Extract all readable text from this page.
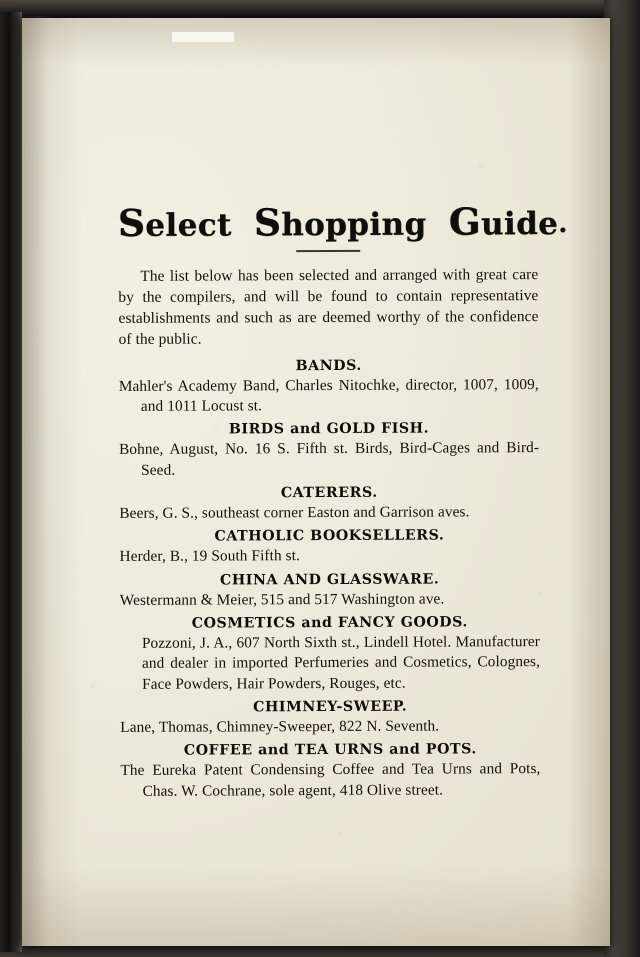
Select Shopping Guide.

The list below has been selected and arranged with great care by the compilers, and will be found to contain representative establishments and such as are deemed worthy of the confidence of the public.

BANDS.

Mahler's Academy Band, Charles Nitochke, director, 1007, 1009, and 1011 Locust st.

BIRDS and GOLD FISH.

Bohne, August, No. 16 S. Fifth st. Birds, Bird-Cages and Bird-Seed.

CATERERS.

Beers, G. S., southeast corner Easton and Garrison aves.

CATHOLIC BOOKSELLERS.

Herder, B., 19 South Fifth st.

CHINA AND GLASSWARE.

Westermann & Meier, 515 and 517 Washington ave.

COSMETICS and FANCY GOODS.

Pozzoni, J. A., 607 North Sixth st., Lindell Hotel. Manufacturer and dealer in imported Perfumeries and Cosmetics, Colognes, Face Powders, Hair Powders, Rouges, etc.

CHIMNEY-SWEEP.

Lane, Thomas, Chimney-Sweeper, 822 N. Seventh.

COFFEE and TEA URNS and POTS.

The Eureka Patent Condensing Coffee and Tea Urns and Pots, Chas. W. Cochrane, sole agent, 418 Olive street.
